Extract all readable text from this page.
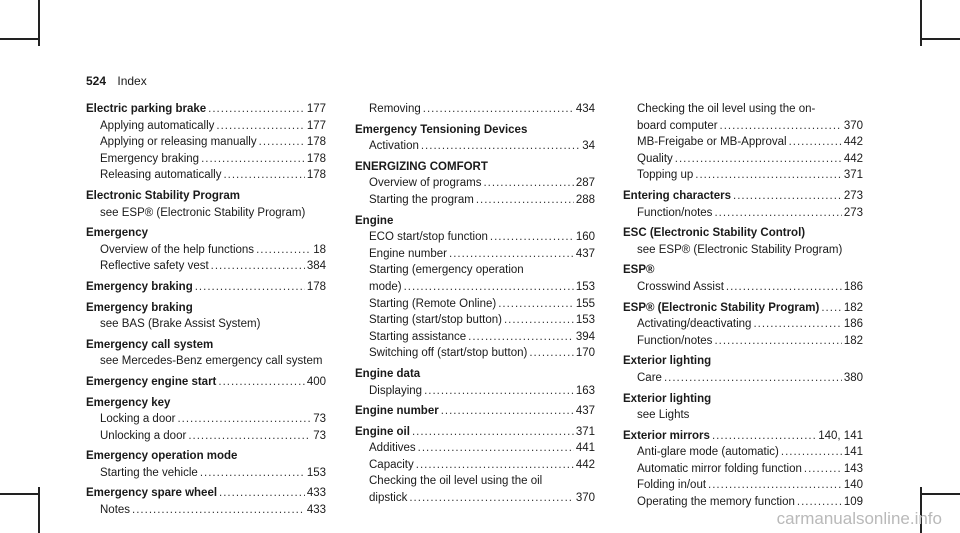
524 Index
Electric parking brake .....	177
Applying automatically .....	177
Applying or releasing manually .....	178
Emergency braking .....	178
Releasing automatically .....	178
Electronic Stability Program
see ESP® (Electronic Stability Program)
Emergency
Overview of the help functions .....	18
Reflective safety vest .....	384
Emergency braking .....	178
Emergency braking
see BAS (Brake Assist System)
Emergency call system
see Mercedes-Benz emergency call system
Emergency engine start .....	400
Emergency key
Locking a door .....	73
Unlocking a door .....	73
Emergency operation mode
Starting the vehicle .....	153
Emergency spare wheel .....	433
Notes .....	433
Removing .....	434
Emergency Tensioning Devices
Activation .....	34
ENERGIZING COMFORT
Overview of programs .....	287
Starting the program .....	288
Engine
ECO start/stop function .....	160
Engine number .....	437
Starting (emergency operation
mode) .....	153
Starting (Remote Online) .....	155
Starting (start/stop button) .....	153
Starting assistance .....	394
Switching off (start/stop button) .....	170
Engine data
Displaying .....	163
Engine number .....	437
Engine oil .....	371
Additives .....	441
Capacity .....	442
Checking the oil level using the oil
dipstick .....	370
Checking the oil level using the on-
board computer .....	370
MB-Freigabe or MB-Approval .....	442
Quality .....	442
Topping up .....	371
Entering characters .....	273
Function/notes .....	273
ESC (Electronic Stability Control)
see ESP® (Electronic Stability Program)
ESP®
Crosswind Assist .....	186
ESP® (Electronic Stability Program) ..... 182
Activating/deactivating .....	186
Function/notes .....	182
Exterior lighting
Care .....	380
Exterior lighting
see Lights
Exterior mirrors .....	140, 141
Anti-glare mode (automatic) .....	141
Automatic mirror folding function .....	143
Folding in/out .....	140
Operating the memory function .....	109
carmanualsonline.info
